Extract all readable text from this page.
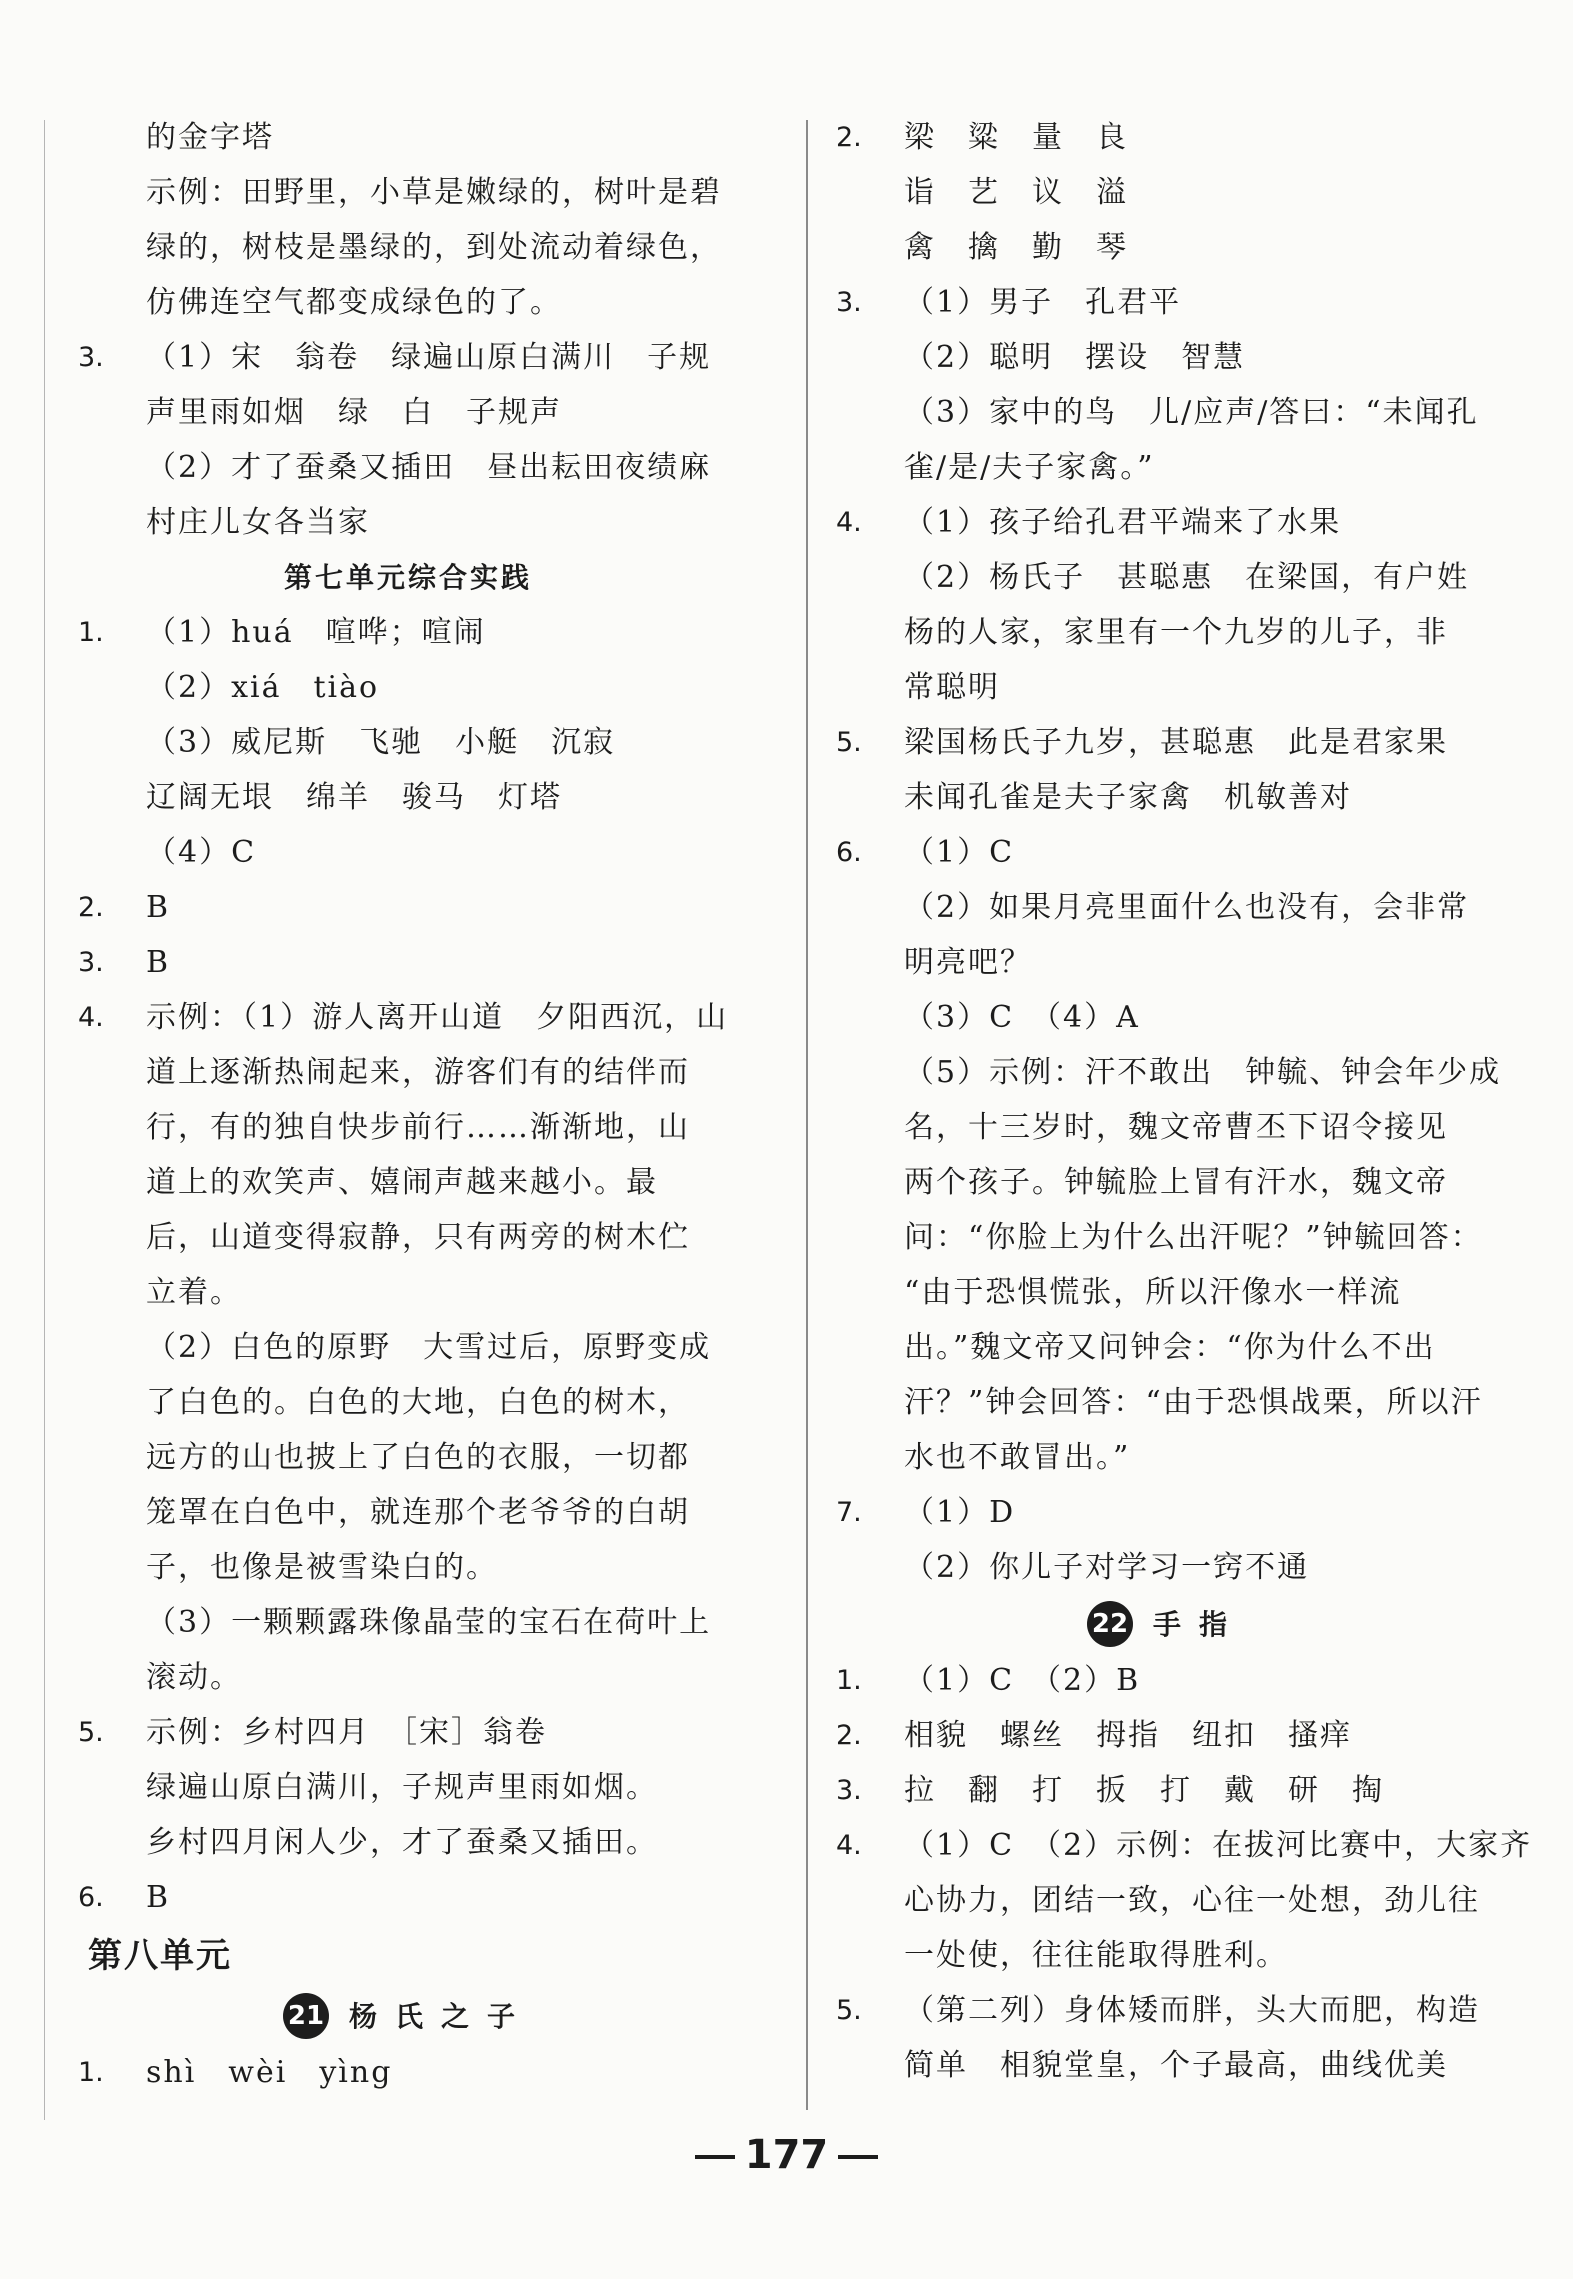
的金字塔
示例：田野里，小草是嫩绿的，树叶是碧
绿的，树枝是墨绿的，到处流动着绿色，
仿佛连空气都变成绿色的了。
3. （1）宋　翁卷　绿遍山原白满川　子规
声里雨如烟　绿　白　子规声
（2）才了蚕桑又插田　昼出耘田夜绩麻
村庄儿女各当家
第七单元综合实践
1. （1）huá　喧哗；喧闹
（2）xiá　tiào
（3）威尼斯　飞驰　小艇　沉寂
辽阔无垠　绵羊　骏马　灯塔
（4）C
2. B
3. B
4. 示例：（1）游人离开山道　夕阳西沉，山
道上逐渐热闹起来，游客们有的结伴而
行，有的独自快步前行……渐渐地，山
道上的欢笑声、嬉闹声越来越小。最
后，山道变得寂静，只有两旁的树木伫
立着。
（2）白色的原野　大雪过后，原野变成
了白色的。白色的大地，白色的树木，
远方的山也披上了白色的衣服，一切都
笼罩在白色中，就连那个老爷爷的白胡
子，也像是被雪染白的。
（3）一颗颗露珠像晶莹的宝石在荷叶上
滚动。
5. 示例：乡村四月　［宋］翁卷
绿遍山原白满川，子规声里雨如烟。
乡村四月闲人少，才了蚕桑又插田。
6. B
第八单元
21 杨氏之子
1. shì　wèi　yìng
2. 梁　粱　量　良
诣　艺　议　溢
禽　擒　勤　琴
3. （1）男子　孔君平
（2）聪明　摆设　智慧
（3）家中的鸟　儿/应声/答曰：“未闻孔
雀/是/夫子家禽。”
4. （1）孩子给孔君平端来了水果
（2）杨氏子　甚聪惠　在梁国，有户姓
杨的人家，家里有一个九岁的儿子，非
常聪明
5. 梁国杨氏子九岁，甚聪惠　此是君家果
未闻孔雀是夫子家禽　机敏善对
6. （1）C
（2）如果月亮里面什么也没有，会非常
明亮吧？
（3）C　（4）A
（5）示例：汗不敢出　钟毓、钟会年少成
名，十三岁时，魏文帝曹丕下诏令接见
两个孩子。钟毓脸上冒有汗水，魏文帝
问：“你脸上为什么出汗呢？”钟毓回答：
“由于恐惧慌张，所以汗像水一样流
出。”魏文帝又问钟会：“你为什么不出
汗？”钟会回答：“由于恐惧战栗，所以汗
水也不敢冒出。”
7. （1）D
（2）你儿子对学习一窍不通
22 手指
1. （1）C　（2）B
2. 相貌　螺丝　拇指　纽扣　搔痒
3. 拉　翻　打　扳　打　戴　研　掏
4. （1）C　（2）示例：在拔河比赛中，大家齐
心协力，团结一致，心往一处想，劲儿往
一处使，往往能取得胜利。
5. （第二列）身体矮而胖，头大而肥，构造
简单　相貌堂皇，个子最高，曲线优美
177
